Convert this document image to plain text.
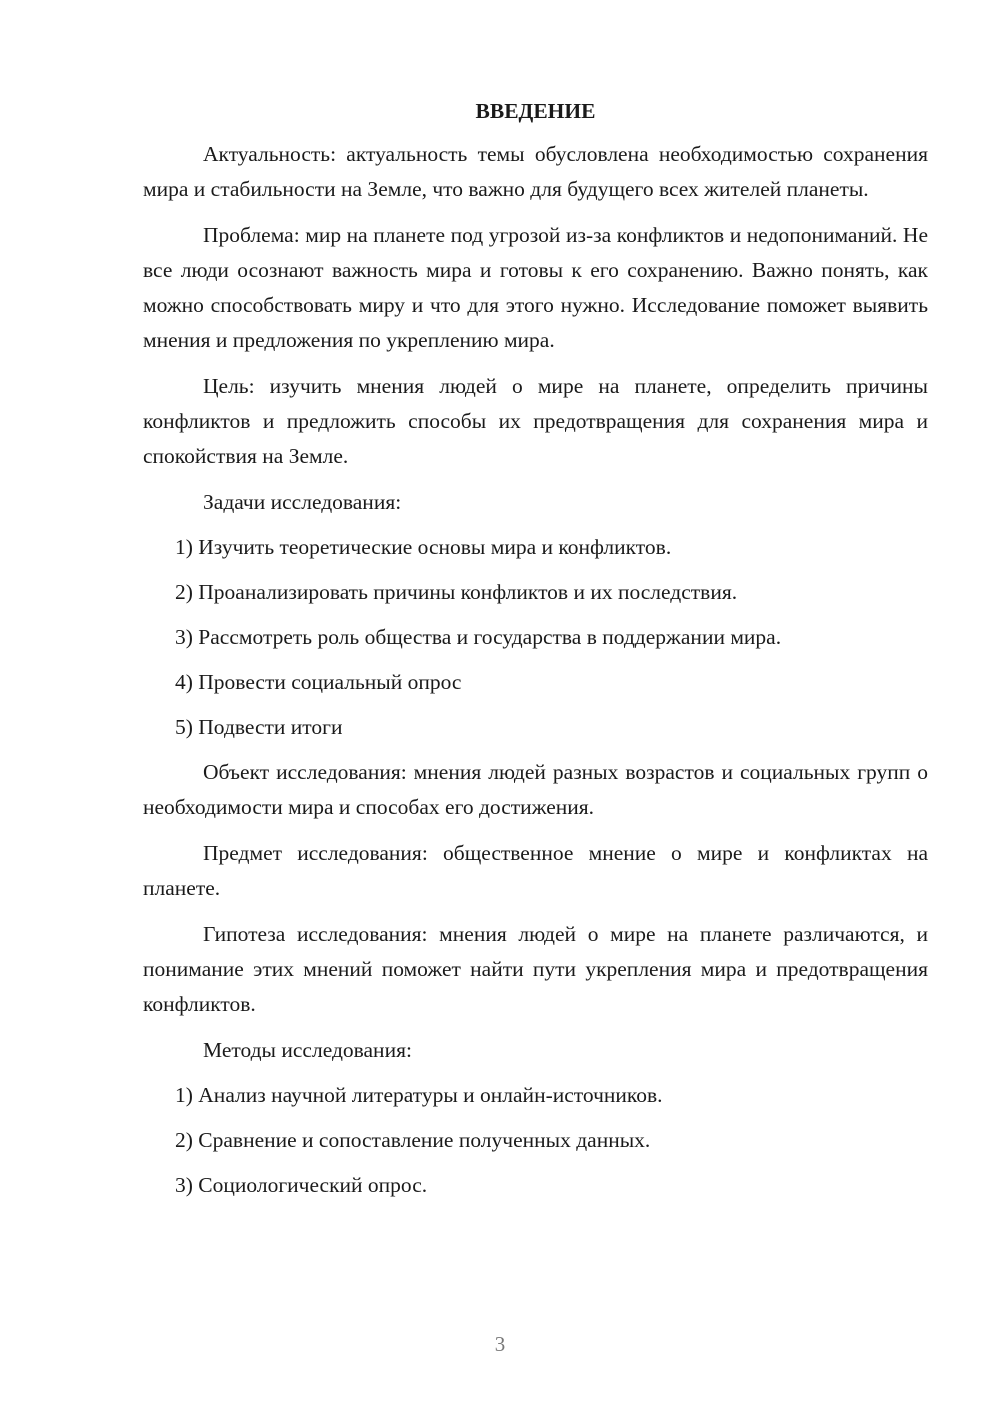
ВВЕДЕНИЕ

Актуальность: актуальность темы обусловлена необходимостью сохранения мира и стабильности на Земле, что важно для будущего всех жителей планеты.

Проблема: мир на планете под угрозой из-за конфликтов и недопониманий. Не все люди осознают важность мира и готовы к его сохранению. Важно понять, как можно способствовать миру и что для этого нужно. Исследование поможет выявить мнения и предложения по укреплению мира.

Цель: изучить мнения людей о мире на планете, определить причины конфликтов и предложить способы их предотвращения для сохранения мира и спокойствия на Земле.

Задачи исследования:

1) Изучить теоретические основы мира и конфликтов.
2) Проанализировать причины конфликтов и их последствия.
3) Рассмотреть роль общества и государства в поддержании мира.
4) Провести социальный опрос
5) Подвести итоги

Объект исследования: мнения людей разных возрастов и социальных групп о необходимости мира и способах его достижения.

Предмет исследования: общественное мнение о мире и конфликтах на планете.

Гипотеза исследования: мнения людей о мире на планете различаются, и понимание этих мнений поможет найти пути укрепления мира и предотвращения конфликтов.

Методы исследования:

1) Анализ научной литературы и онлайн-источников.
2) Сравнение и сопоставление полученных данных.
3) Социологический опрос.
3
